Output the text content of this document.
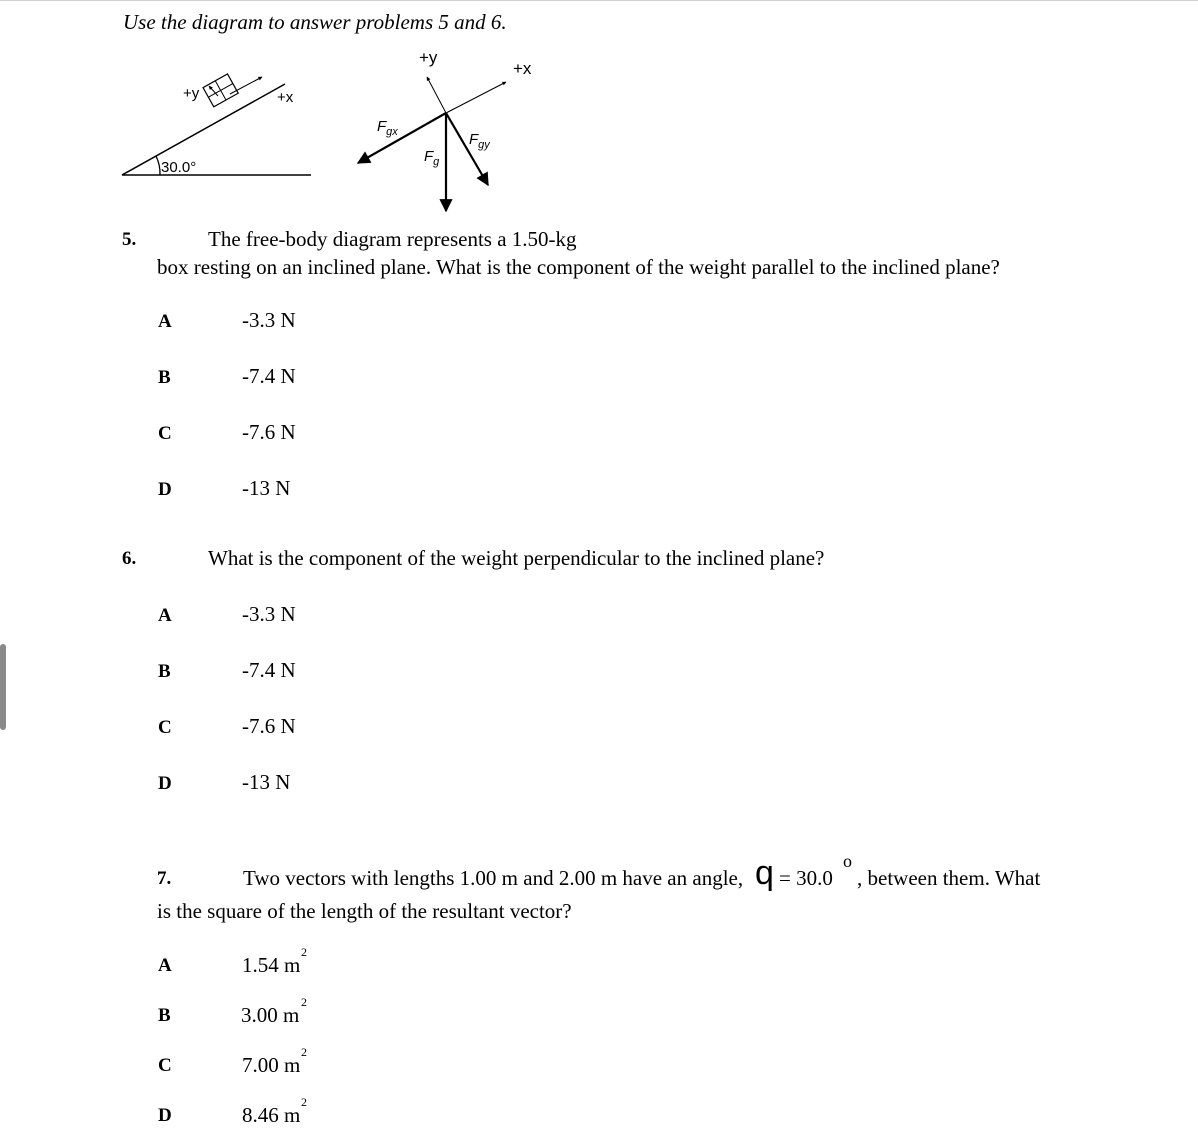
Use the diagram to answer problems 5 and 6.
+y	+x
30.0°
+y
+x
$F_{gx}$	$F_{gy}$
$F_g$
5.	The free-body diagram represents a 1.50-kg
box resting on an inclined plane. What is the component of the weight parallel to the inclined plane?
A	-3.3 N
B	-7.4 N
C	-7.6 N
D	-13 N
6.	What is the component of the weight perpendicular to the inclined plane?
A	-3.3 N
B	-7.4 N
C	-7.6 N
D	-13 N
7.	Two vectors with lengths 1.00 m and 2.00 m have an angle, q = 30.0
o
, between them. What
is the square of the length of the resultant vector?
A	1.54 m
2
B	3.00 m
2
C	7.00 m
2
D	8.46 m
2
